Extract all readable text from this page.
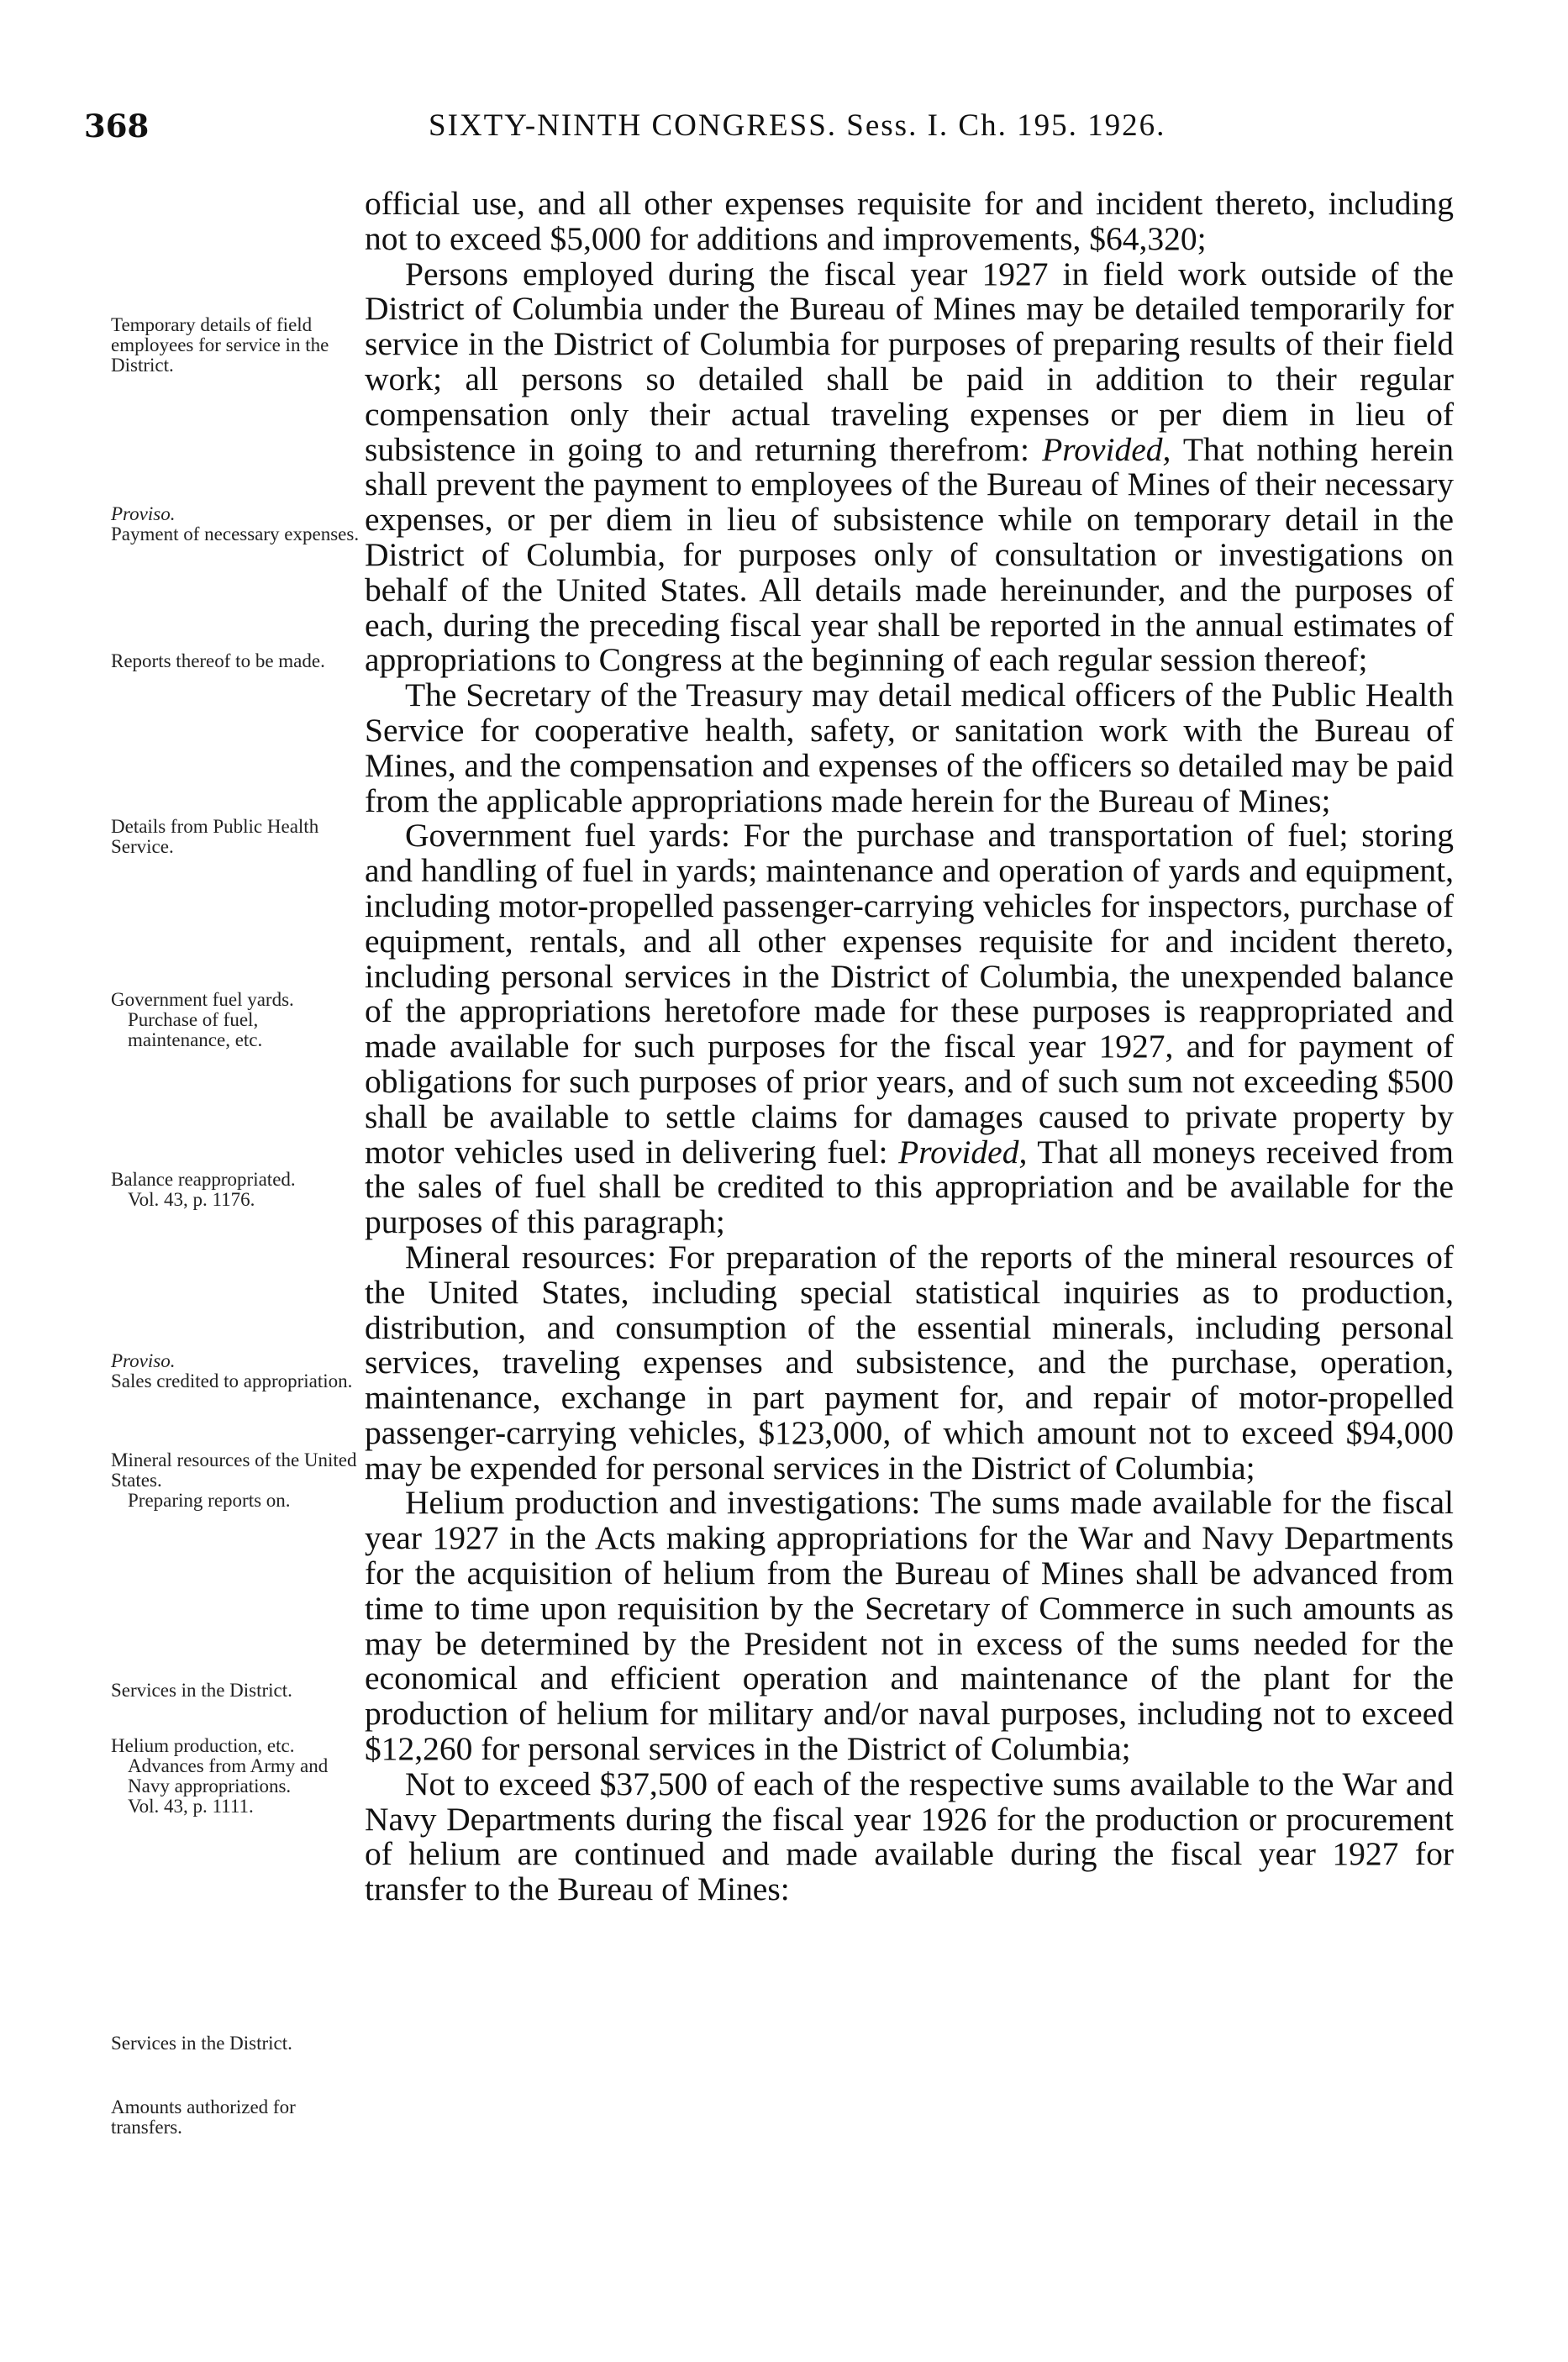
368	SIXTY-NINTH CONGRESS. Sess. I. Ch. 195. 1926.

official use, and all other expenses requisite for and incident thereto, including not to exceed $5,000 for additions and improvements, $64,320;

Persons employed during the fiscal year 1927 in field work outside of the District of Columbia under the Bureau of Mines may be detailed temporarily for service in the District of Columbia for purposes of preparing results of their field work; all persons so detailed shall be paid in addition to their regular compensation only their actual traveling expenses or per diem in lieu of subsistence in going to and returning therefrom: Provided, That nothing herein shall prevent the payment to employees of the Bureau of Mines of their necessary expenses, or per diem in lieu of subsistence while on temporary detail in the District of Columbia, for purposes only of consultation or investigations on behalf of the United States. All details made hereinunder, and the purposes of each, during the preceding fiscal year shall be reported in the annual estimates of appropriations to Congress at the beginning of each regular session thereof;

The Secretary of the Treasury may detail medical officers of the Public Health Service for cooperative health, safety, or sanitation work with the Bureau of Mines, and the compensation and expenses of the officers so detailed may be paid from the applicable appropriations made herein for the Bureau of Mines;

Government fuel yards: For the purchase and transportation of fuel; storing and handling of fuel in yards; maintenance and operation of yards and equipment, including motor-propelled passenger-carrying vehicles for inspectors, purchase of equipment, rentals, and all other expenses requisite for and incident thereto, including personal services in the District of Columbia, the unexpended balance of the appropriations heretofore made for these purposes is reappropriated and made available for such purposes for the fiscal year 1927, and for payment of obligations for such purposes of prior years, and of such sum not exceeding $500 shall be available to settle claims for damages caused to private property by motor vehicles used in delivering fuel: Provided, That all moneys received from the sales of fuel shall be credited to this appropriation and be available for the purposes of this paragraph;

Mineral resources: For preparation of the reports of the mineral resources of the United States, including special statistical inquiries as to production, distribution, and consumption of the essential minerals, including personal services, traveling expenses and subsistence, and the purchase, operation, maintenance, exchange in part payment for, and repair of motor-propelled passenger-carrying vehicles, $123,000, of which amount not to exceed $94,000 may be expended for personal services in the District of Columbia;

Helium production and investigations: The sums made available for the fiscal year 1927 in the Acts making appropriations for the War and Navy Departments for the acquisition of helium from the Bureau of Mines shall be advanced from time to time upon requisition by the Secretary of Commerce in such amounts as may be determined by the President not in excess of the sums needed for the economical and efficient operation and maintenance of the plant for the production of helium for military and/or naval purposes, including not to exceed $12,260 for personal services in the District of Columbia;

Not to exceed $37,500 of each of the respective sums available to the War and Navy Departments during the fiscal year 1926 for the production or procurement of helium are continued and made available during the fiscal year 1927 for transfer to the Bureau of Mines:

Temporary details of field employees for service in the District.
Proviso.
Payment of necessary expenses.
Reports thereof to be made.
Details from Public Health Service.
Government fuel yards.
Purchase of fuel, maintenance, etc.
Balance reappropriated.
Vol. 43, p. 1176.
Proviso.
Sales credited to appropriation.
Mineral resources of the United States.
Preparing reports on.
Services in the District.
Helium production, etc.
Advances from Army and Navy appropriations.
Vol. 43, p. 1111.
Services in the District.
Amounts authorized for transfers.
